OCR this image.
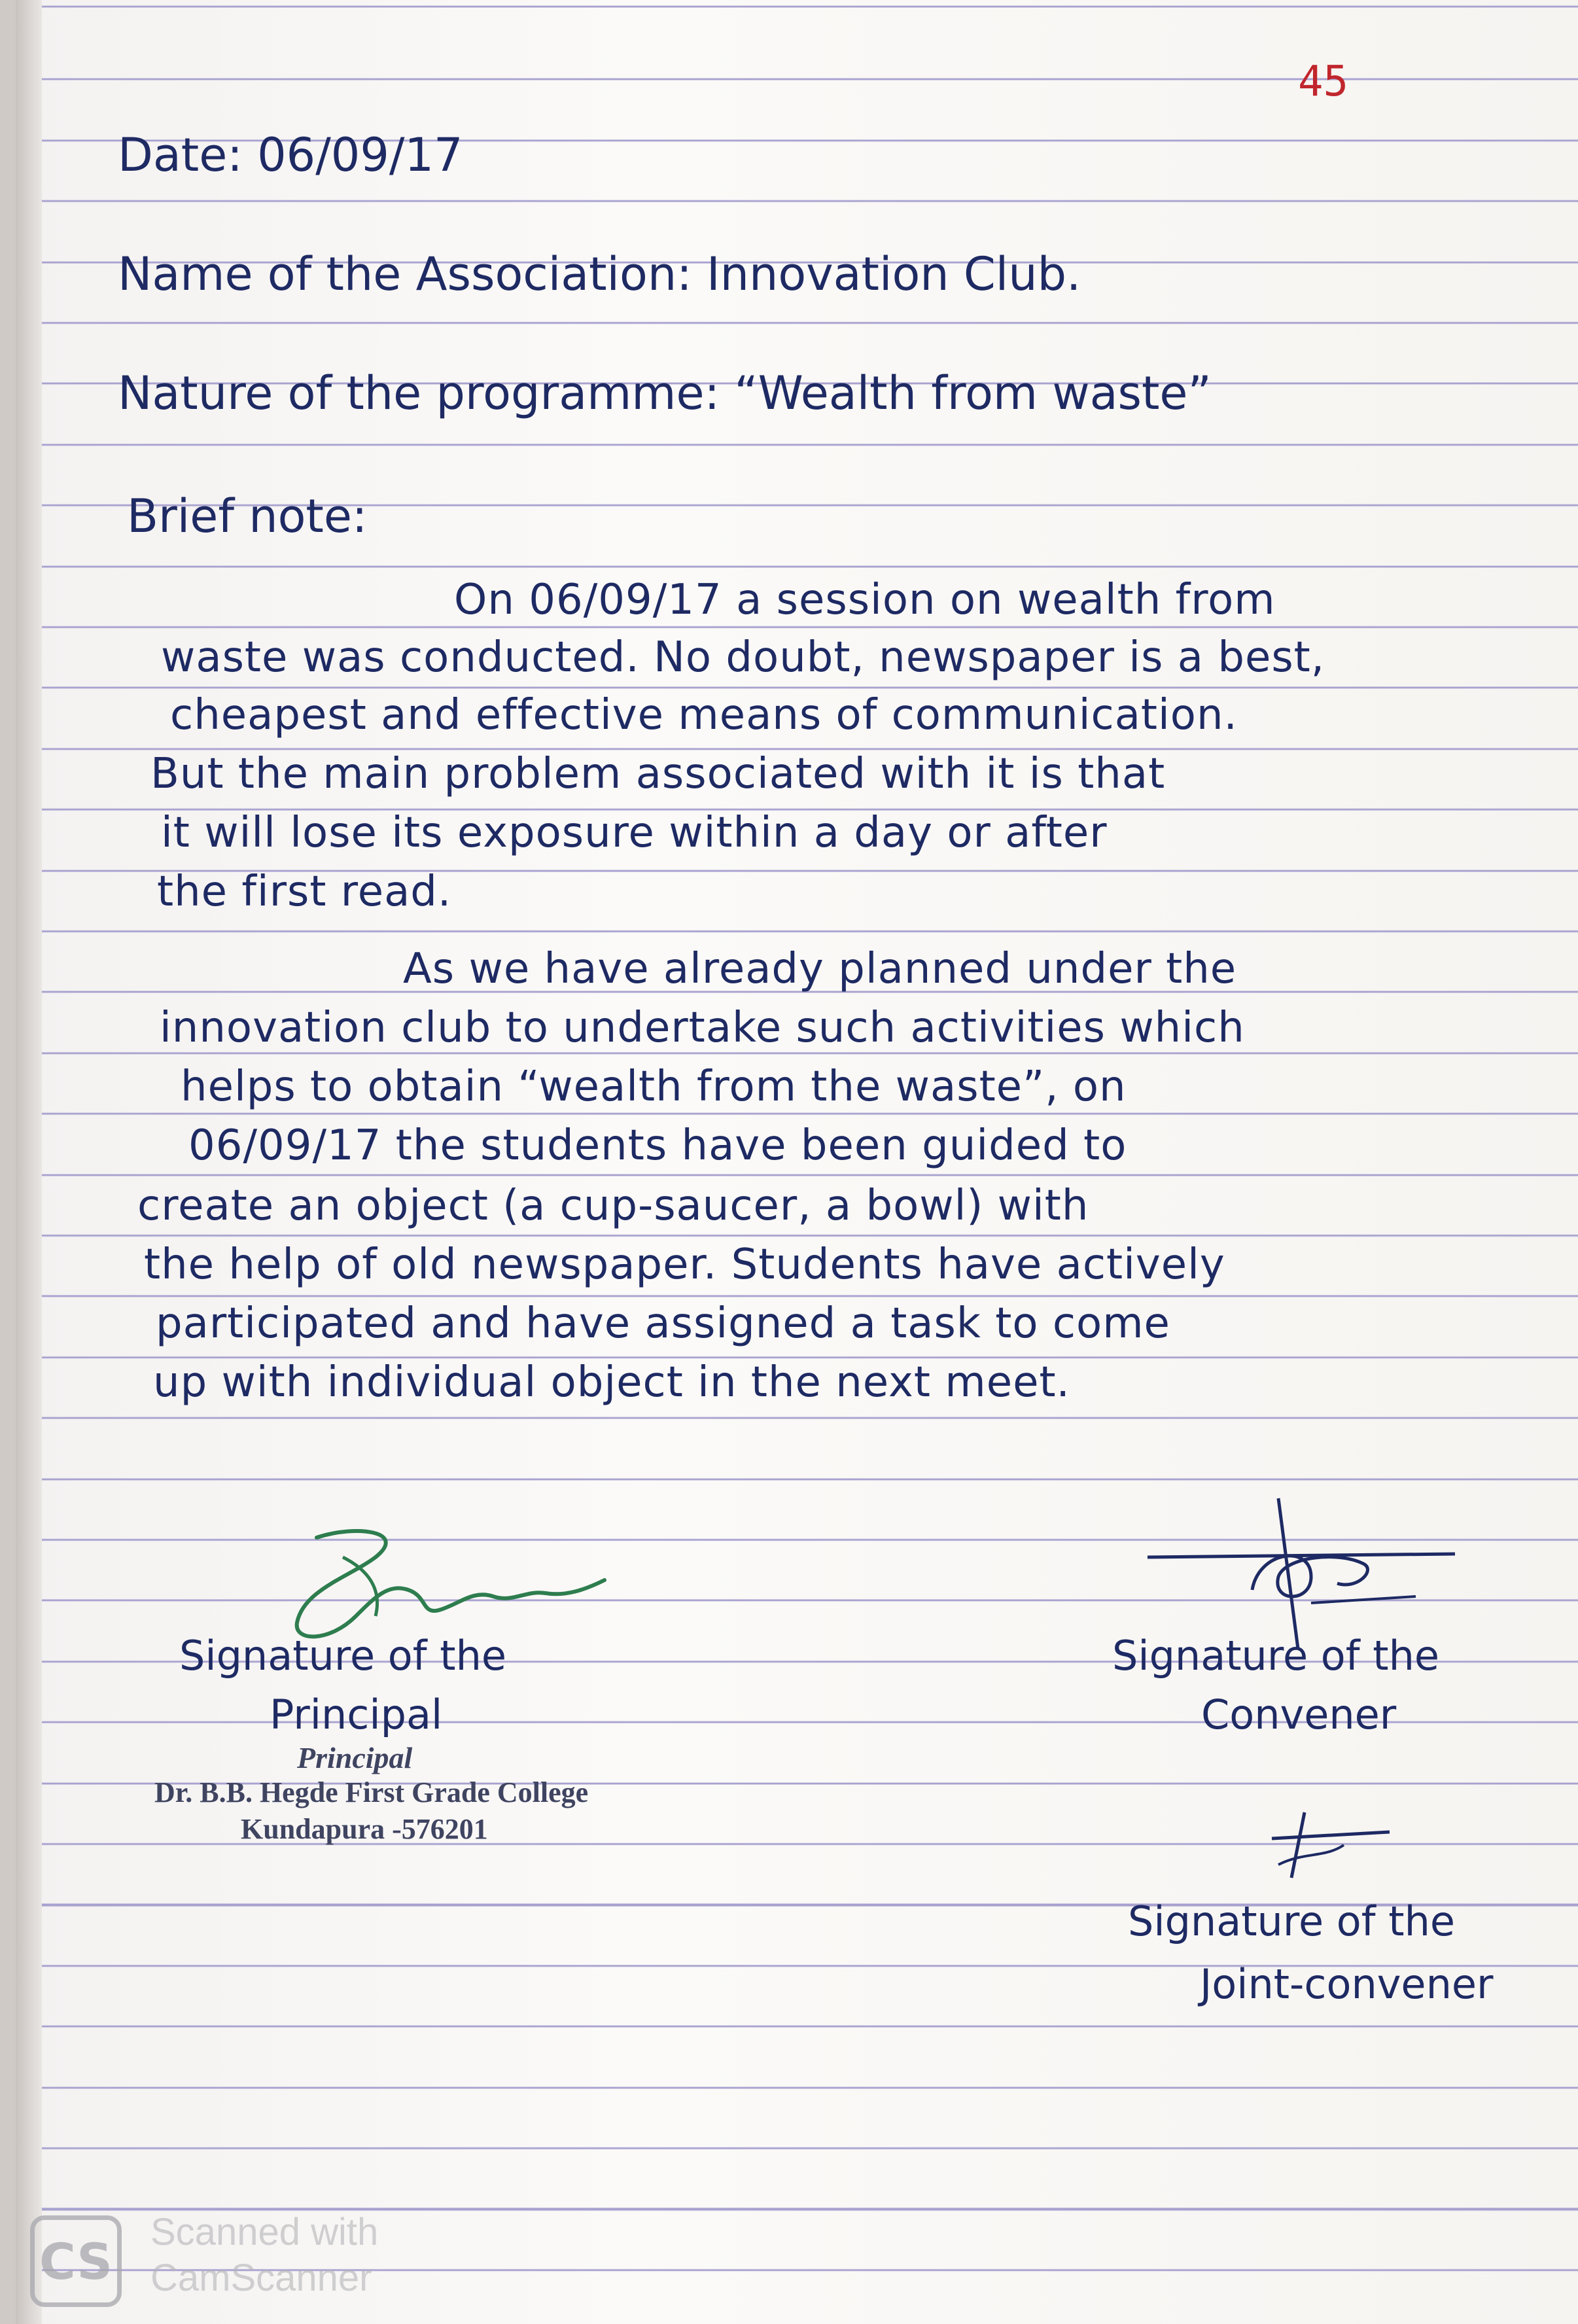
45
Date: 06/09/17
Name of the Association: Innovation Club.
Nature of the programme: “Wealth from waste”
Brief note:
On 06/09/17 a session on wealth from
waste was conducted. No doubt, newspaper is a best,
cheapest and effective means of communication.
But the main problem associated with it is that
it will lose its exposure within a day or after
the first read.
As we have already planned under the
innovation club to undertake such activities which
helps to obtain “wealth from the waste”, on
06/09/17 the students have been guided to
create an object (a cup-saucer, a bowl) with
the help of old newspaper. Students have actively
participated and have assigned a task to come
up with individual object in the next meet.
Signature of the
Principal
Principal
Dr. B.B. Hegde First Grade College
Kundapura -576201
Signature of the
Convener
Signature of the
Joint-convener
CS Scanned with
CamScanner
